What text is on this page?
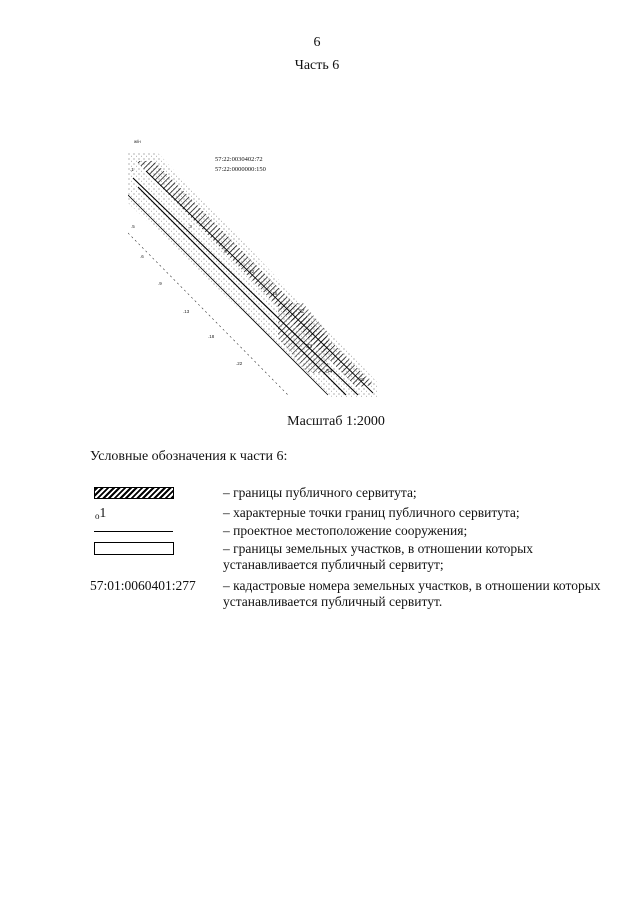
6
Часть 6
ж/н
.1
.5
.6
.9
.13
.18
.22
.3
.8
.12
.15
.31
33
34
32
57:22:0030402:72
57:22:0000000:150
Масштаб 1:2000
Условные обозначения к части 6:
– границы публичного сервитута;
o1	– характерные точки границ публичного сервитута;
– проектное местоположение сооружения;
– границы земельных участков, в отношении которых устанавливается публичный сервитут;
57:01:0060401:277 – кадастровые номера земельных участков, в отношении которых устанавливается публичный сервитут.
